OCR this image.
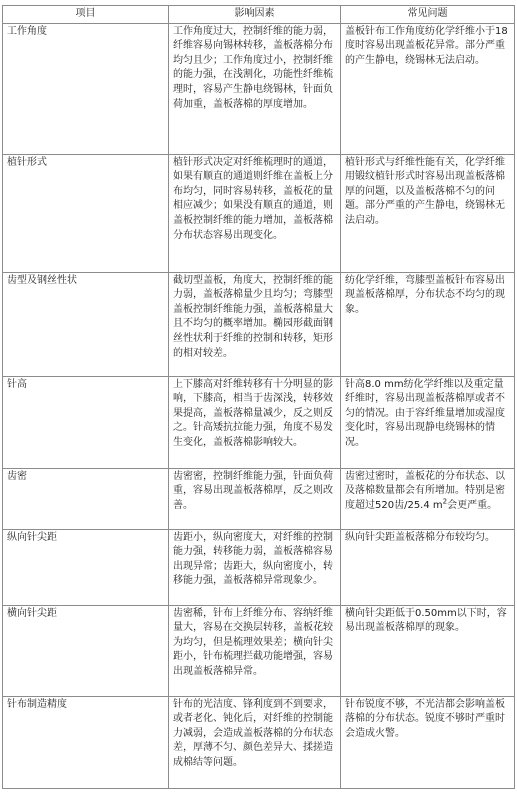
项目	影响因素	常见问题
工作角度	工作角度过大，控制纤维的能力弱，纤维容易向锡林转移，盖板落棉分布均匀且少；工作角度过小，控制纤维的能力强，在浅割化，功能性纤维梳理时，容易产生静电绕锡林，针面负荷加重，盖板落棉的厚度增加。	盖板针布工作角度纺化学纤维小于18度时容易出现盖板花异常。部分严重的产生静电，绕锡林无法启动。
植针形式	植针形式决定对纤维梳理时的通道，如果有顺直的通道则纤维在盖板上分布均匀，同时容易转移，盖板花的量相应减少；如果没有顺直的通道，则盖板控制纤维的能力增加，盖板落棉分布状态容易出现变化。	植针形式与纤维性能有关，化学纤维用锻纹植针形式时容易出现盖板落棉厚的问题，以及盖板落棉不匀的问题。部分严重的产生静电，绕锡林无法启动。
齿型及钢丝性状	截切型盖板，角度大，控制纤维的能力弱，盖板落棉量少且均匀；弯膝型盖板控制纤维能力强，盖板落棉量大且不均匀的概率增加。椭园形截面钢丝性状利于纤维的控制和转移，矩形的相对较差。	纺化学纤维，弯膝型盖板针布容易出现盖板落棉厚，分布状态不均匀的现象。
针高	上下膝高对纤维转移有十分明显的影响，下膝高，相当于齿深浅，转移效果提高，盖板落棉量减少，反之则反之。针高矮抗拉能力强，角度不易发生变化，盖板落棉影响较大。	针高8.0 mm纺化学纤维以及重定量纤维时，容易出现盖板落棉厚或者不匀的情况。由于容纤维量增加或湿度变化时，容易出现静电绕锡林的情况。
齿密	齿密密，控制纤维能力强，针面负荷重，容易出现盖板落棉厚，反之则改善。	齿密过密时，盖板花的分布状态、以及落棉数量都会有所增加。特别是密度超过520齿/25.4 $m^2$会更严重。
纵向针尖距	齿距小，纵向密度大，对纤维的控制能力强，转移能力弱，盖板落棉容易出现异常；齿距大，纵向密度小，转移能力强，盖板落棉异常现象少。	纵向针尖距盖板落棉分布较均匀。
横向针尖距	齿密稀，针布上纤维分布、容纳纤维量大，容易在交换层转移，盖板花较为均匀，但是梳理效果差；横向针尖距小，针布梳理拦截功能增强，容易出现盖板落棉异常。	横向针尖距低于0.50mm以下时，容易出现盖板落棉厚的现象。
针布制造精度	针布的光洁度、锋利度到不到要求，或者老化、钝化后，对纤维的控制能力减弱，会造成盖板落棉的分布状态差，厚薄不匀、颜色差异大、揉搓造成棉结等问题。	针布锐度不够，不光洁都会影响盖板落棉的分布状态。锐度不够时严重时会造成火警。
